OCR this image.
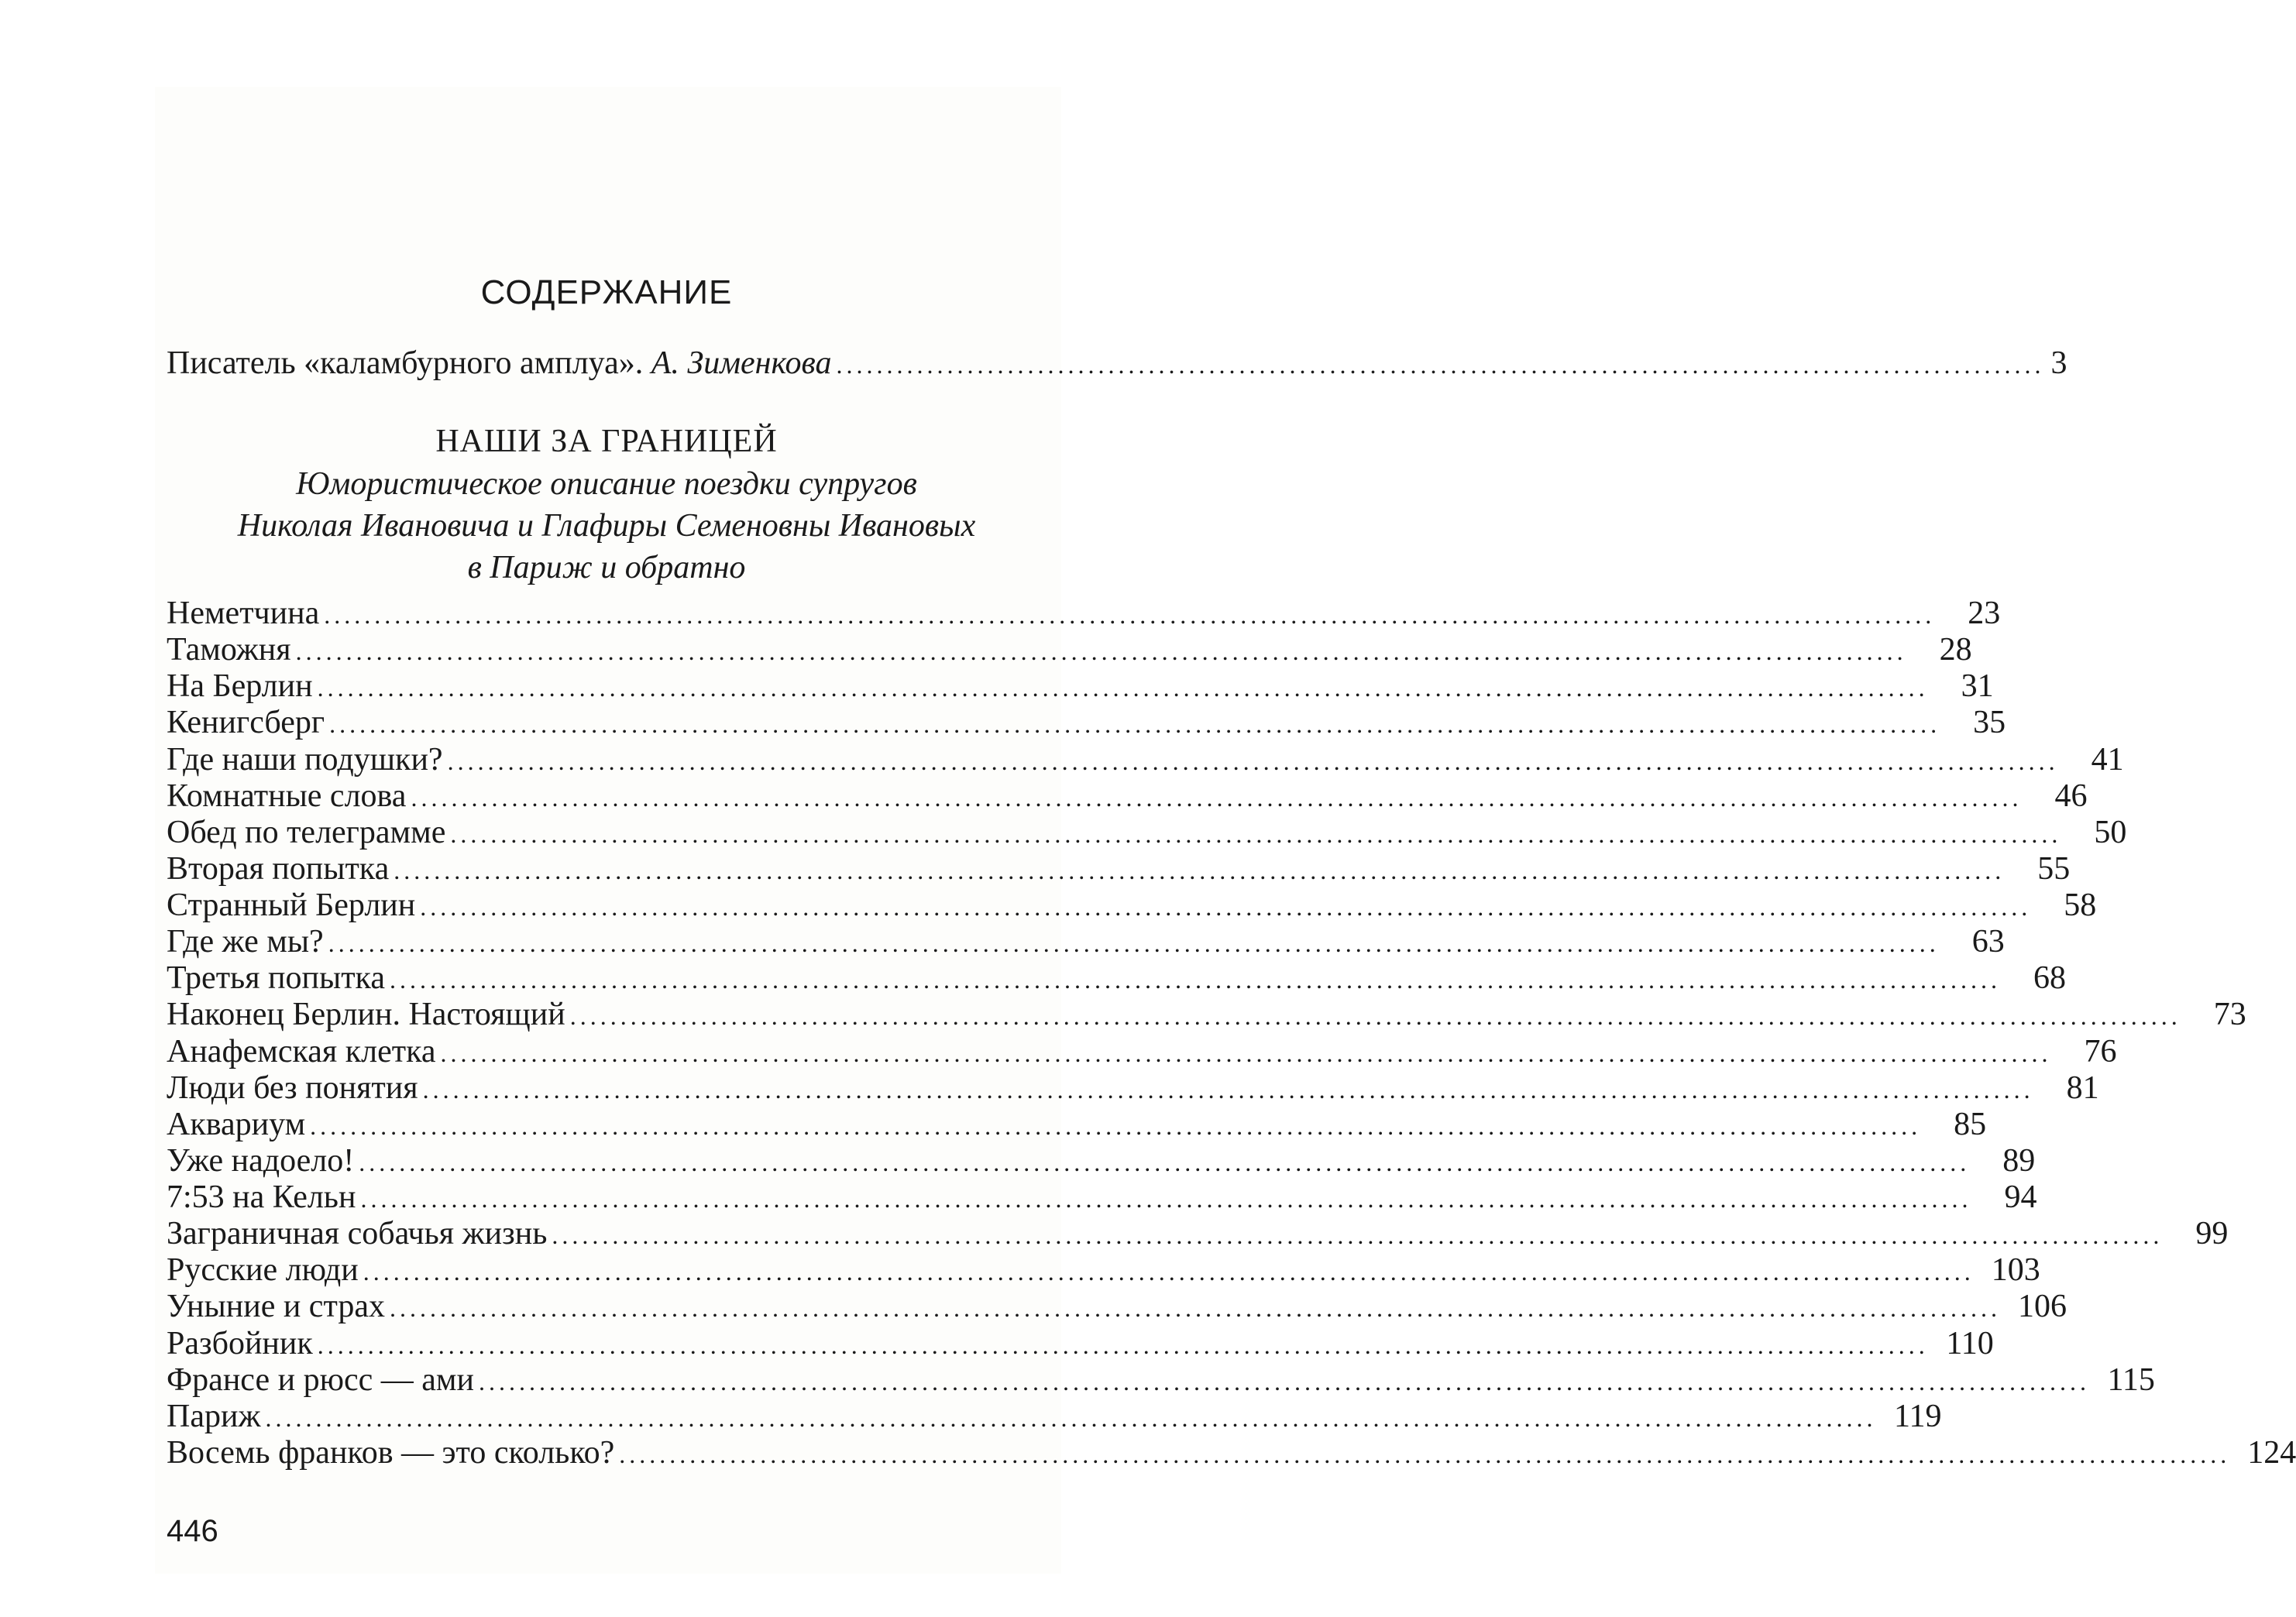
СОДЕРЖАНИЕ
Писатель «каламбурного амплуа». А. Зименкова ........................................................................................................................ 3
НАШИ ЗА ГРАНИЦЕЙ
Юмористическое описание поездки супругов
Николая Ивановича и Глафиры Семеновны Ивановых
в Париж и обратно
Неметчина ................................................................................................................................................................	23
Таможня ................................................................................................................................................................	28
На Берлин ................................................................................................................................................................	31
Кенигсберг ................................................................................................................................................................	35
Где наши подушки? ................................................................................................................................................................	41
Комнатные слова ................................................................................................................................................................	46
Обед по телеграмме ................................................................................................................................................................	50
Вторая попытка ................................................................................................................................................................	55
Странный Берлин ................................................................................................................................................................	58
Где же мы? ................................................................................................................................................................	63
Третья попытка ................................................................................................................................................................	68
Наконец Берлин. Настоящий ................................................................................................................................................................	73
Анафемская клетка ................................................................................................................................................................	76
Люди без понятия ................................................................................................................................................................	81
Аквариум ................................................................................................................................................................	85
Уже надоело! ................................................................................................................................................................	89
7:53 на Кельн ................................................................................................................................................................	94
Заграничная собачья жизнь ................................................................................................................................................................	99
Русские люди ................................................................................................................................................................ 103
Уныние и страх ................................................................................................................................................................ 106
Разбойник ................................................................................................................................................................ 110
Франсе и рюсс — ами ................................................................................................................................................................ 115
Париж ................................................................................................................................................................ 119
Восемь франков — это сколько? ................................................................................................................................................................ 124
446
